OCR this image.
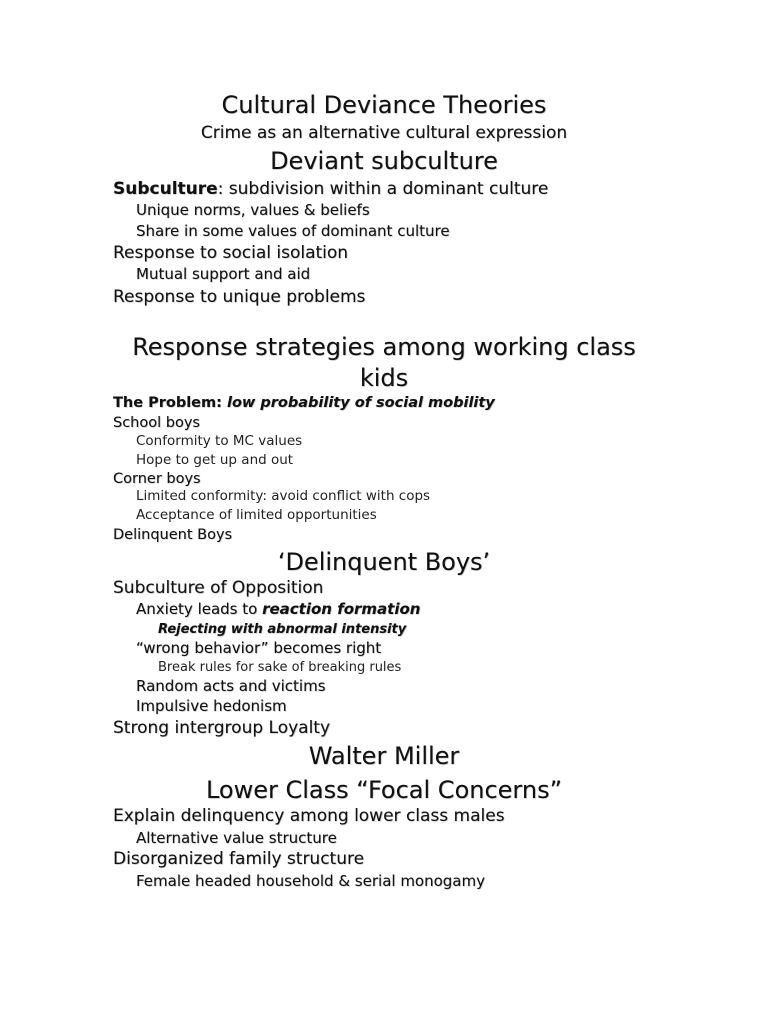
Cultural Deviance Theories
Crime as an alternative cultural expression
Deviant subculture
Subculture: subdivision within a dominant culture
Unique norms, values & beliefs
Share in some values of dominant culture
Response to social isolation
Mutual support and aid
Response to unique problems
Response strategies among working class
kids
The Problem: low probability of social mobility
School boys
Conformity to MC values
Hope to get up and out
Corner boys
Limited conformity: avoid conflict with cops
Acceptance of limited opportunities
Delinquent Boys
‘Delinquent Boys’
Subculture of Opposition
Anxiety leads to reaction formation
Rejecting with abnormal intensity
“wrong behavior” becomes right
Break rules for sake of breaking rules
Random acts and victims
Impulsive hedonism
Strong intergroup Loyalty
Walter Miller
Lower Class “Focal Concerns”
Explain delinquency among lower class males
Alternative value structure
Disorganized family structure
Female headed household & serial monogamy
